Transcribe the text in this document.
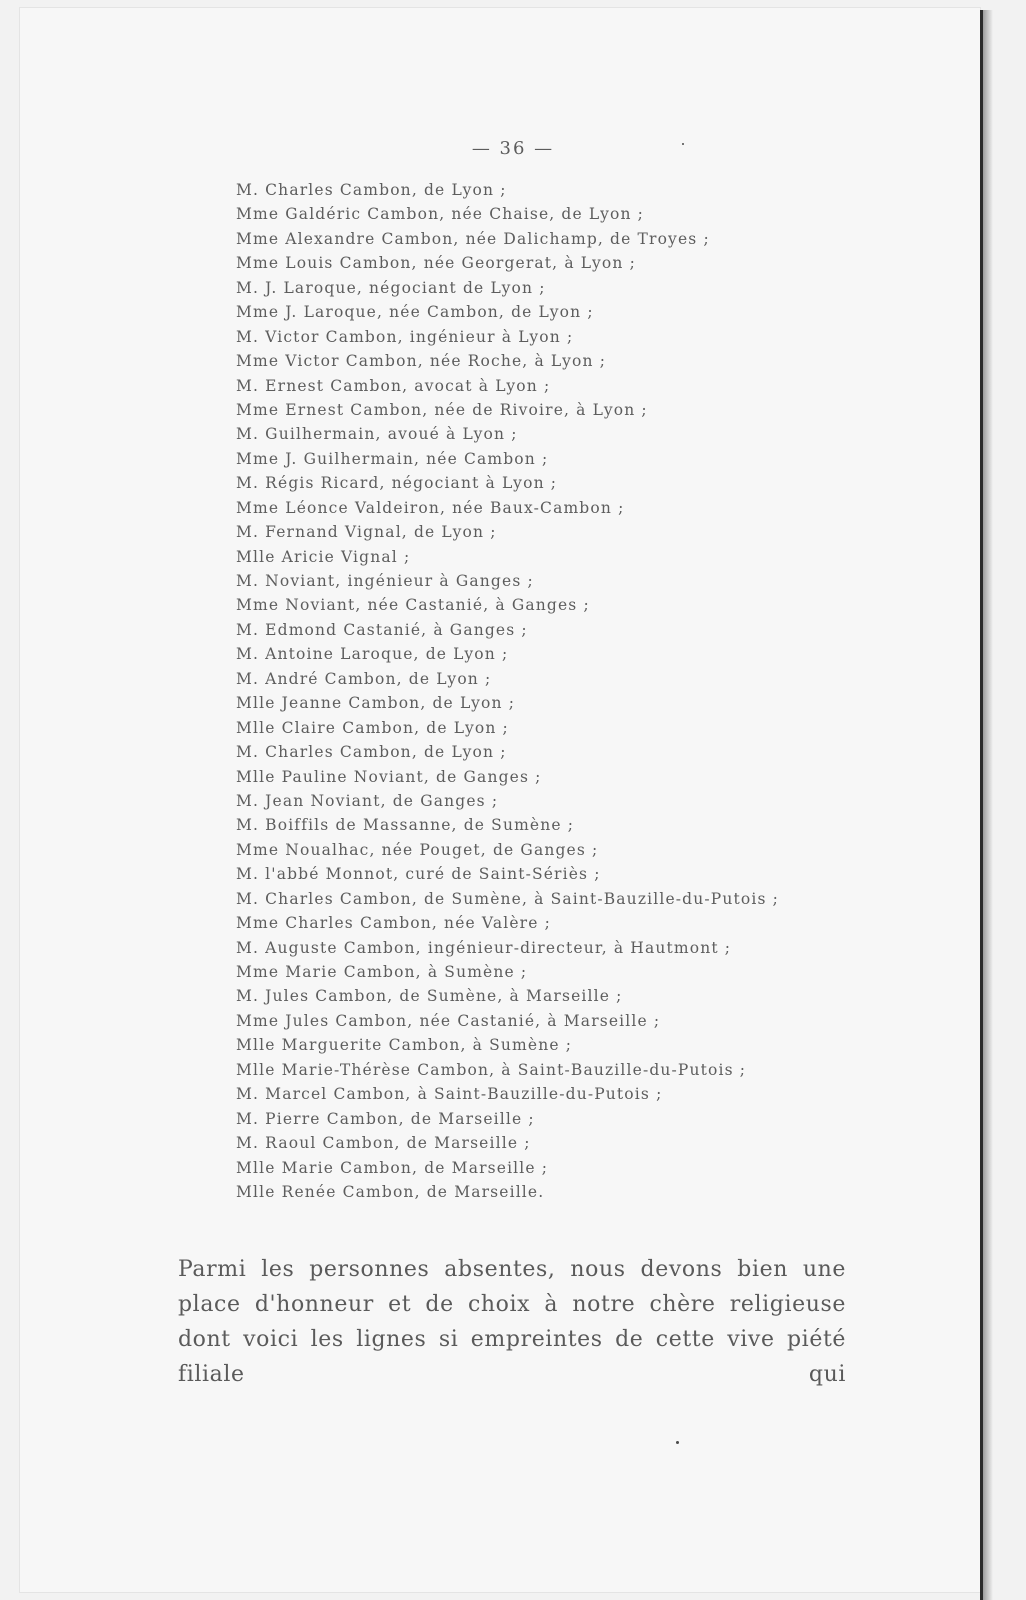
— 36 —
M. Charles Cambon, de Lyon ;
Mme Galdéric Cambon, née Chaise, de Lyon ;
Mme Alexandre Cambon, née Dalichamp, de Troyes ;
Mme Louis Cambon, née Georgerat, à Lyon ;
M. J. Laroque, négociant de Lyon ;
Mme J. Laroque, née Cambon, de Lyon ;
M. Victor Cambon, ingénieur à Lyon ;
Mme Victor Cambon, née Roche, à Lyon ;
M. Ernest Cambon, avocat à Lyon ;
Mme Ernest Cambon, née de Rivoire, à Lyon ;
M. Guilhermain, avoué à Lyon ;
Mme J. Guilhermain, née Cambon ;
M. Régis Ricard, négociant à Lyon ;
Mme Léonce Valdeiron, née Baux-Cambon ;
M. Fernand Vignal, de Lyon ;
Mlle Aricie Vignal ;
M. Noviant, ingénieur à Ganges ;
Mme Noviant, née Castanié, à Ganges ;
M. Edmond Castanié, à Ganges ;
M. Antoine Laroque, de Lyon ;
M. André Cambon, de Lyon ;
Mlle Jeanne Cambon, de Lyon ;
Mlle Claire Cambon, de Lyon ;
M. Charles Cambon, de Lyon ;
Mlle Pauline Noviant, de Ganges ;
M. Jean Noviant, de Ganges ;
M. Boiffils de Massanne, de Sumène ;
Mme Noualhac, née Pouget, de Ganges ;
M. l'abbé Monnot, curé de Saint-Sériès ;
M. Charles Cambon, de Sumène, à Saint-Bauzille-du-Putois ;
Mme Charles Cambon, née Valère ;
M. Auguste Cambon, ingénieur-directeur, à Hautmont ;
Mme Marie Cambon, à Sumène ;
M. Jules Cambon, de Sumène, à Marseille ;
Mme Jules Cambon, née Castanié, à Marseille ;
Mlle Marguerite Cambon, à Sumène ;
Mlle Marie-Thérèse Cambon, à Saint-Bauzille-du-Putois ;
M. Marcel Cambon, à Saint-Bauzille-du-Putois ;
M. Pierre Cambon, de Marseille ;
M. Raoul Cambon, de Marseille ;
Mlle Marie Cambon, de Marseille ;
Mlle Renée Cambon, de Marseille.

Parmi les personnes absentes, nous devons bien une place d'honneur et de choix à notre chère religieuse dont voici les lignes si empreintes de cette vive piété filiale qui
